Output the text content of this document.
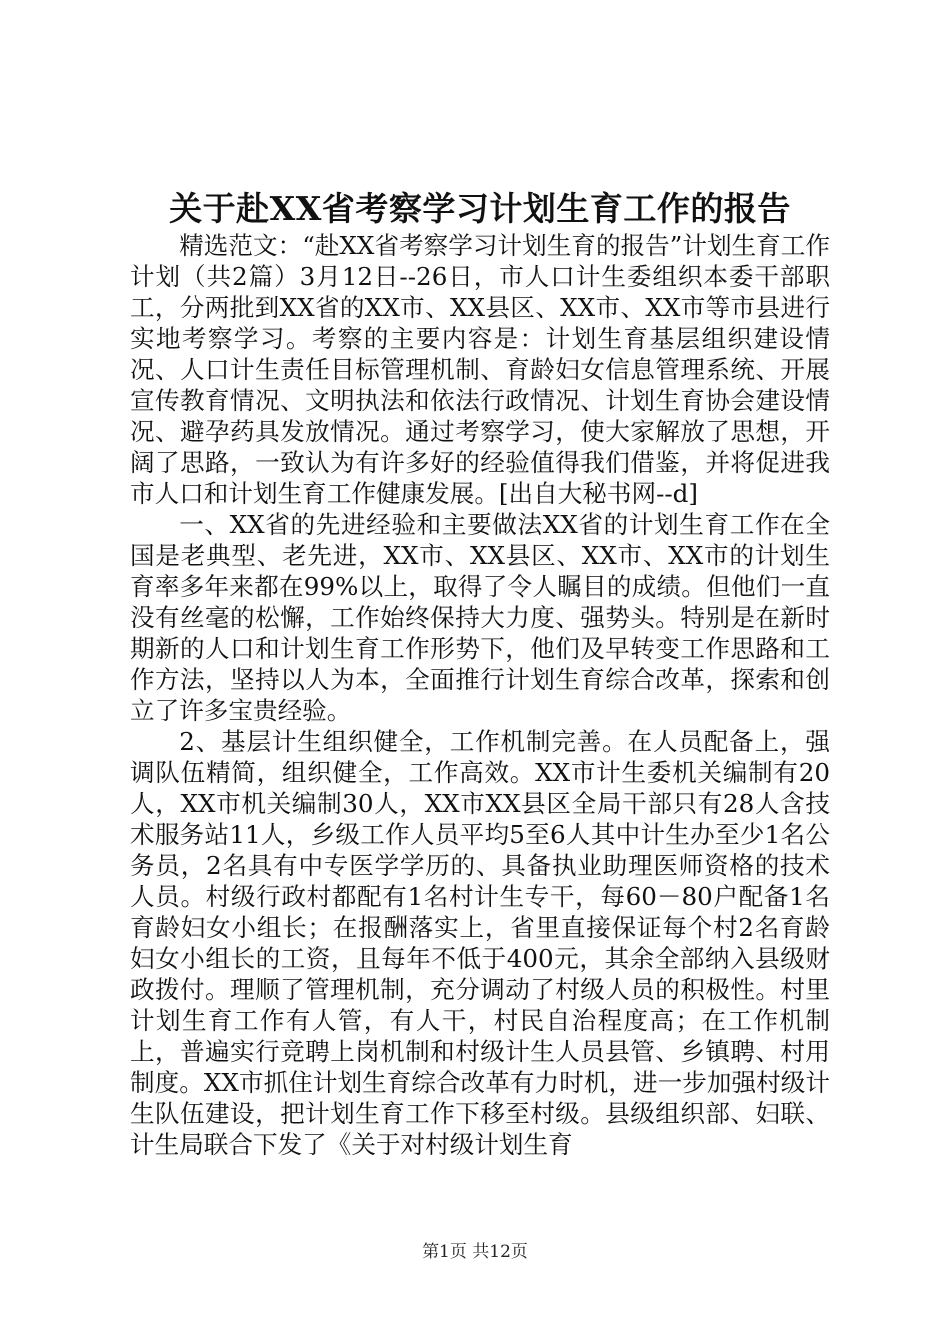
关于赴XX省考察学习计划生育工作的报告

精选范文：“赴XX省考察学习计划生育的报告”计划生育工作计划（共2篇）3月12日--26日，市人口计生委组织本委干部职工，分两批到XX省的XX市、XX县区、XX市、XX市等市县进行实地考察学习。考察的主要内容是：计划生育基层组织建设情况、人口计生责任目标管理机制、育龄妇女信息管理系统、开展宣传教育情况、文明执法和依法行政情况、计划生育协会建设情况、避孕药具发放情况。通过考察学习，使大家解放了思想，开阔了思路，一致认为有许多好的经验值得我们借鉴，并将促进我市人口和计划生育工作健康发展。[出自大秘书网--d]

一、XX省的先进经验和主要做法XX省的计划生育工作在全国是老典型、老先进，XX市、XX县区、XX市、XX市的计划生育率多年来都在99%以上，取得了令人瞩目的成绩。但他们一直没有丝毫的松懈，工作始终保持大力度、强势头。特别是在新时期新的人口和计划生育工作形势下，他们及早转变工作思路和工作方法，坚持以人为本，全面推行计划生育综合改革，探索和创立了许多宝贵经验。

2、基层计生组织健全，工作机制完善。在人员配备上，强调队伍精简，组织健全，工作高效。XX市计生委机关编制有20人，XX市机关编制30人，XX市XX县区全局干部只有28人含技术服务站11人，乡级工作人员平均5至6人其中计生办至少1名公务员，2名具有中专医学学历的、具备执业助理医师资格的技术人员。村级行政村都配有1名村计生专干，每60－80户配备1名育龄妇女小组长；在报酬落实上，省里直接保证每个村2名育龄妇女小组长的工资，且每年不低于400元，其余全部纳入县级财政拨付。理顺了管理机制，充分调动了村级人员的积极性。村里计划生育工作有人管，有人干，村民自治程度高；在工作机制上，普遍实行竞聘上岗机制和村级计生人员县管、乡镇聘、村用制度。XX市抓住计划生育综合改革有力时机，进一步加强村级计生队伍建设，把计划生育工作下移至村级。县级组织部、妇联、计生局联合下发了《关于对村级计划生育

第1页 共12页
